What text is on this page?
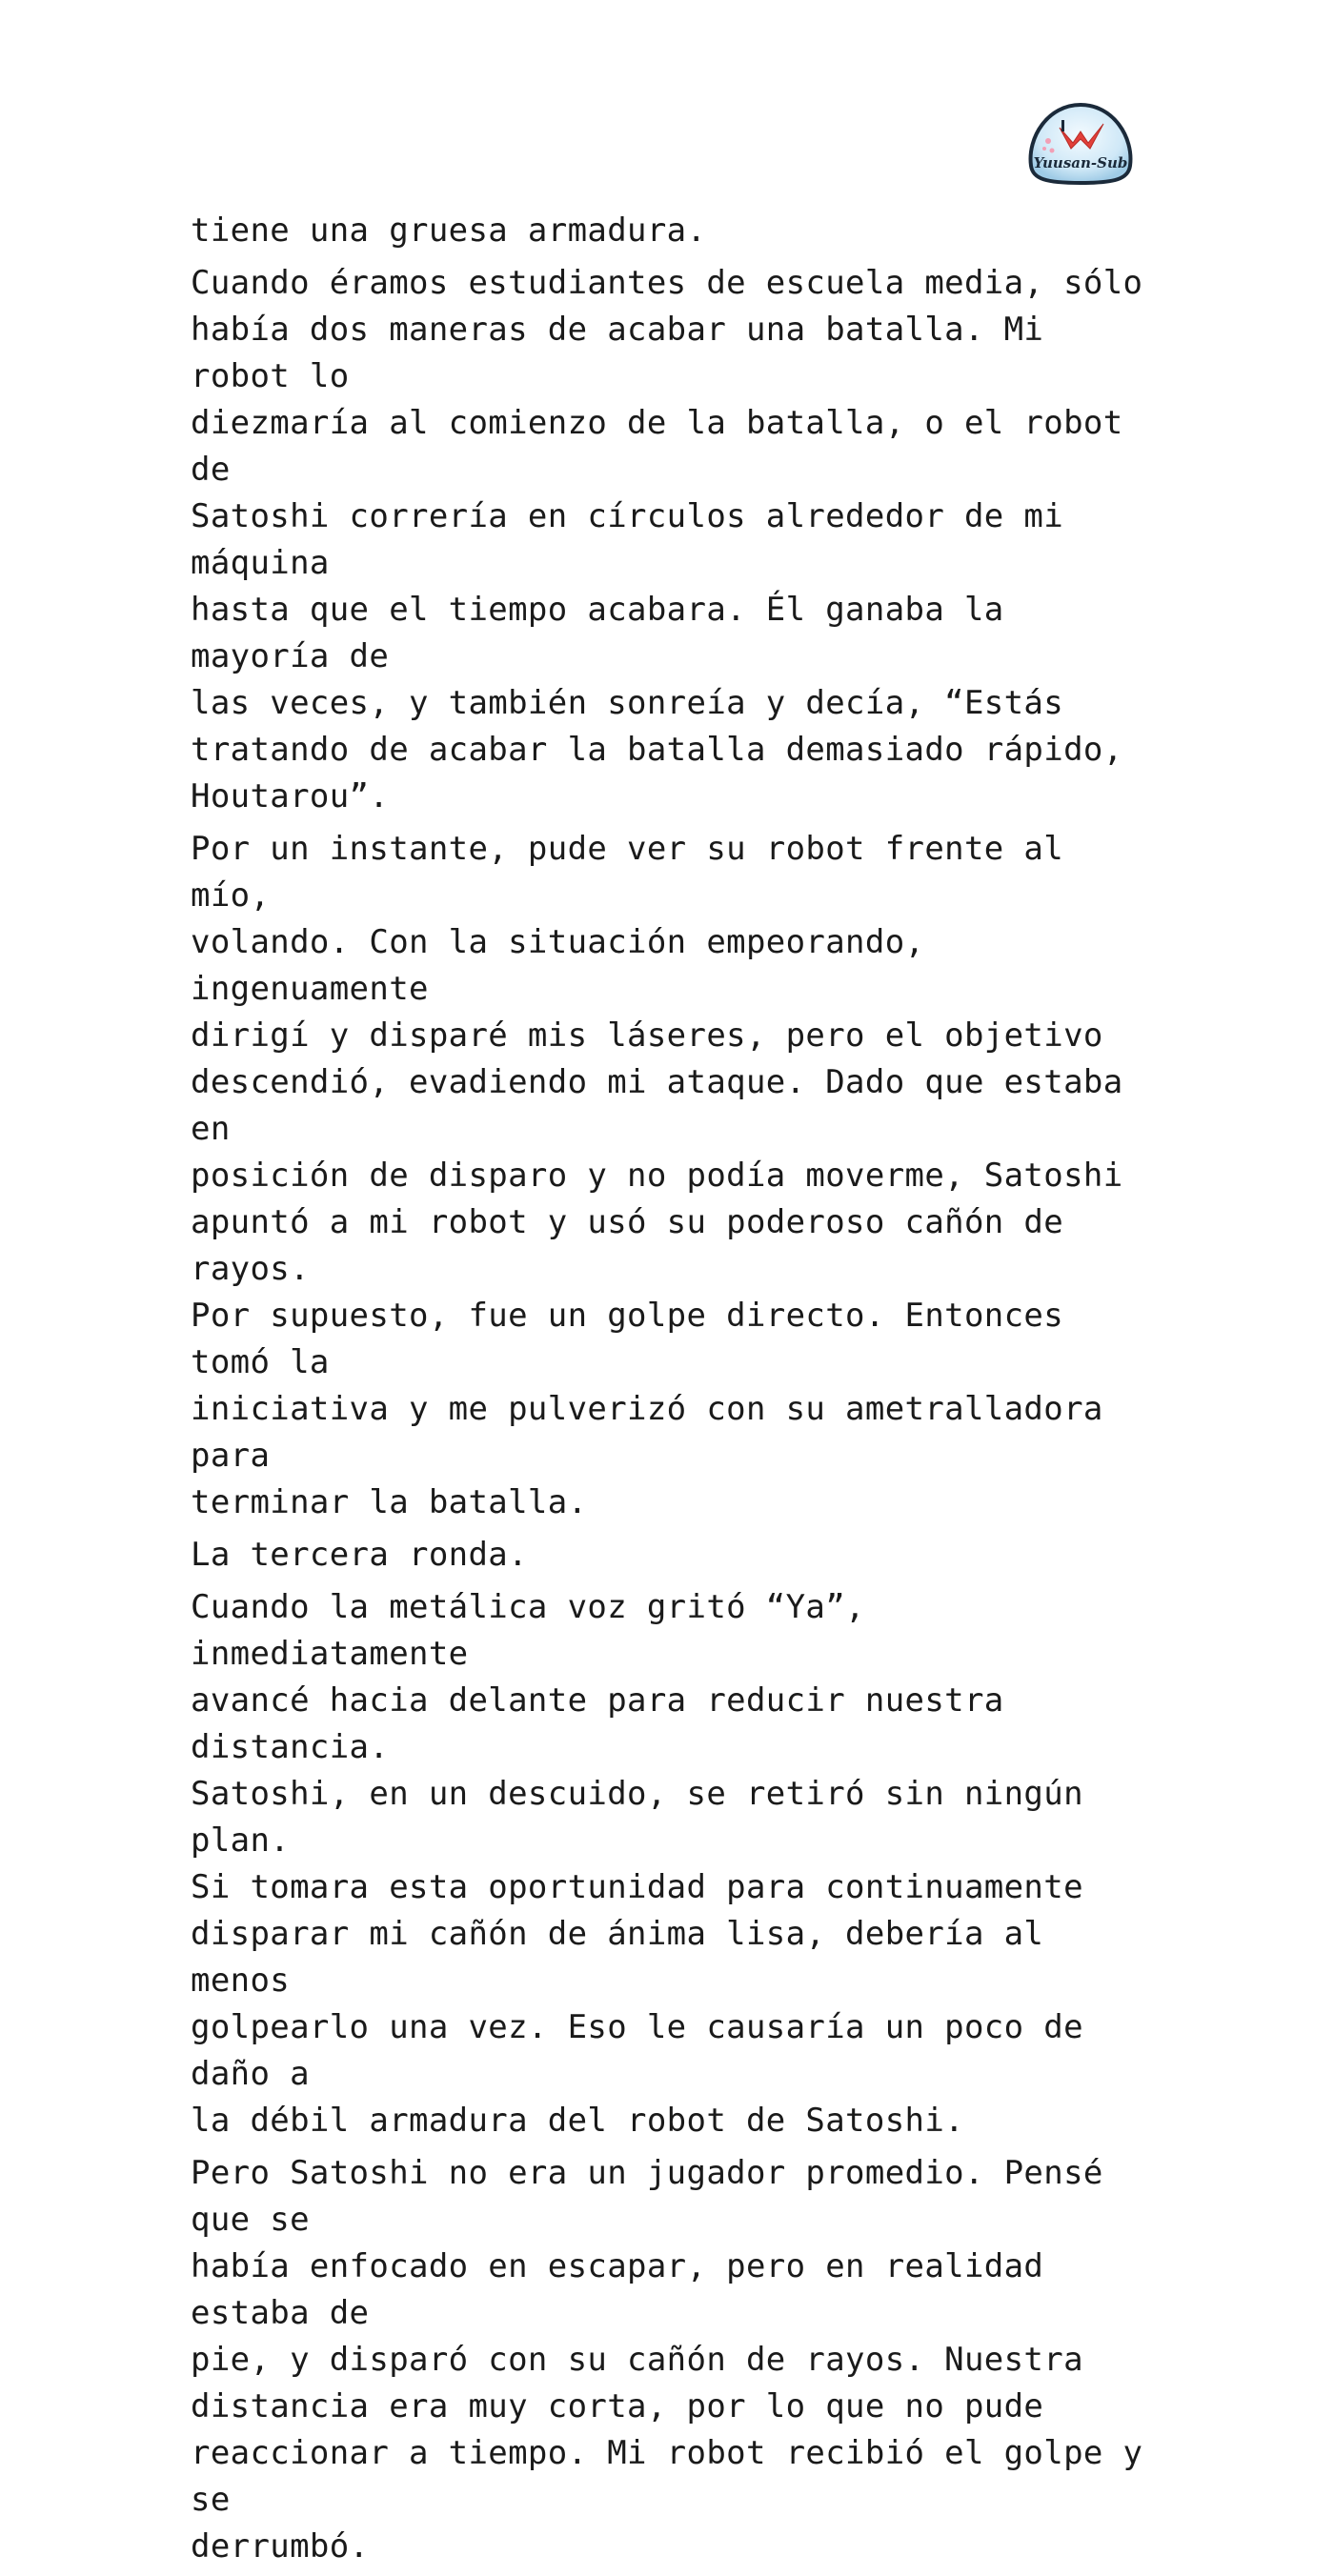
Yuusan-Sub

tiene una gruesa armadura.

Cuando éramos estudiantes de escuela media, sólo
había dos maneras de acabar una batalla. Mi robot lo
diezmaría al comienzo de la batalla, o el robot de
Satoshi correría en círculos alrededor de mi máquina
hasta que el tiempo acabara. Él ganaba la mayoría de
las veces, y también sonreía y decía, “Estás
tratando de acabar la batalla demasiado rápido,
Houtarou”.

Por un instante, pude ver su robot frente al mío,
volando. Con la situación empeorando, ingenuamente
dirigí y disparé mis láseres, pero el objetivo
descendió, evadiendo mi ataque. Dado que estaba en
posición de disparo y no podía moverme, Satoshi
apuntó a mi robot y usó su poderoso cañón de rayos.
Por supuesto, fue un golpe directo. Entonces tomó la
iniciativa y me pulverizó con su ametralladora para
terminar la batalla.

La tercera ronda.

Cuando la metálica voz gritó “Ya”, inmediatamente
avancé hacia delante para reducir nuestra distancia.
Satoshi, en un descuido, se retiró sin ningún plan.
Si tomara esta oportunidad para continuamente
disparar mi cañón de ánima lisa, debería al menos
golpearlo una vez. Eso le causaría un poco de daño a
la débil armadura del robot de Satoshi.

Pero Satoshi no era un jugador promedio. Pensé que se
había enfocado en escapar, pero en realidad estaba de
pie, y disparó con su cañón de rayos. Nuestra
distancia era muy corta, por lo que no pude
reaccionar a tiempo. Mi robot recibió el golpe y se
derrumbó.
